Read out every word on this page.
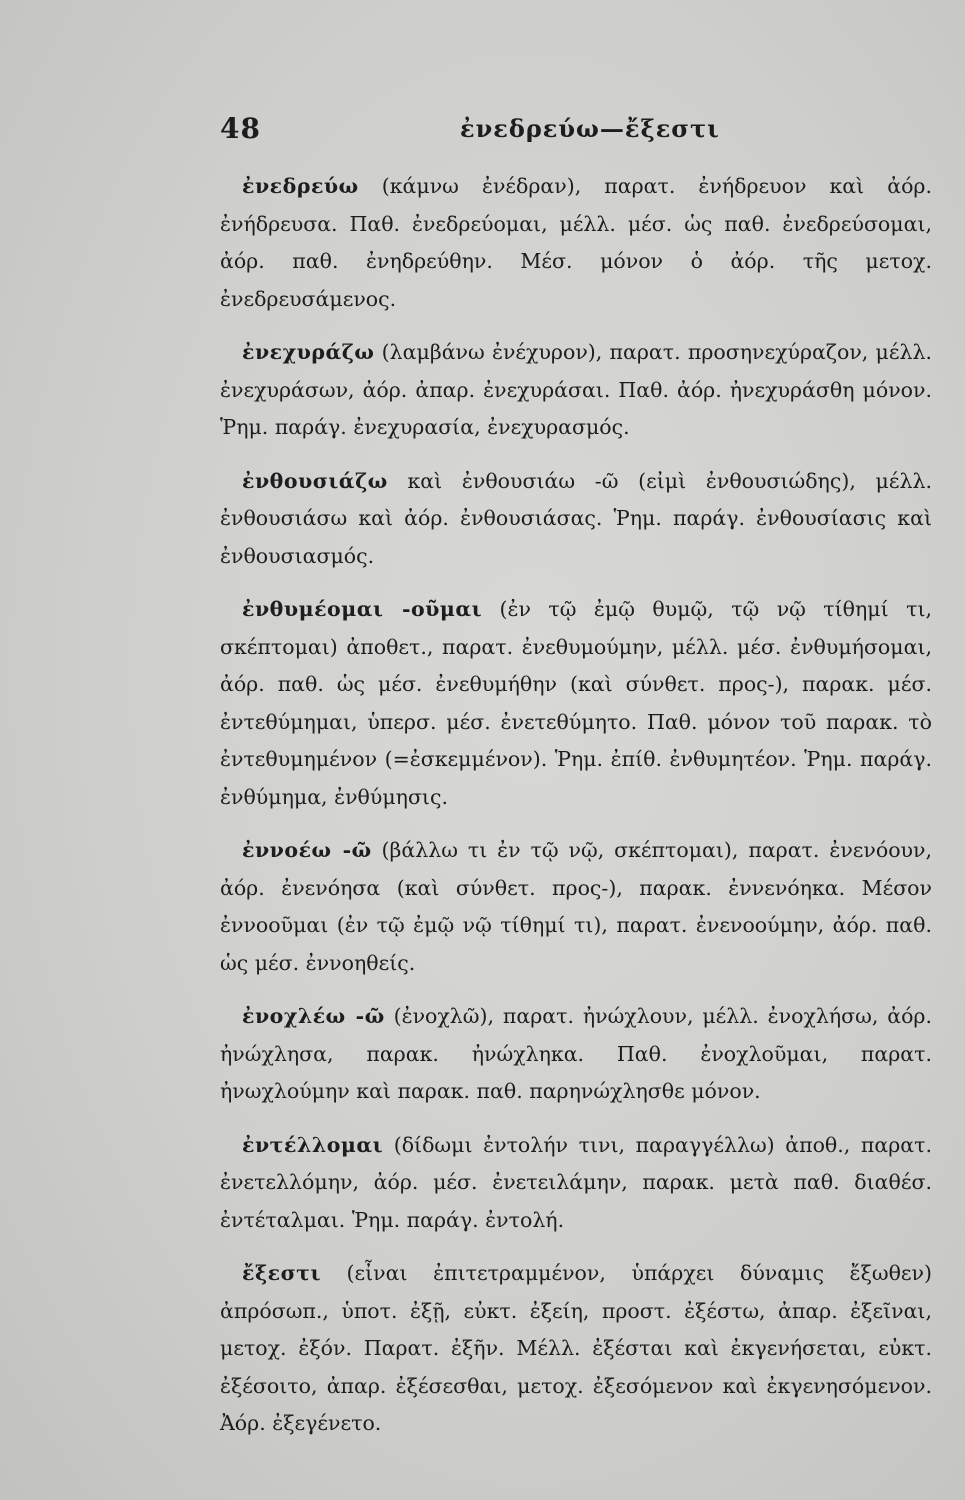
48	ἐνεδρεύω—ἔξεστι

ἐνεδρεύω (κάμνω ἐνέδραν), παρατ. ἐνήδρευον καὶ ἀόρ. ἐνήδρευσα. Παθ. ἐνεδρεύομαι, μέλλ. μέσ. ὡς παθ. ἐνεδρεύσομαι, ἀόρ. παθ. ἐνηδρεύθην. Μέσ. μόνον ὁ ἀόρ. τῆς μετοχ. ἐνεδρευσάμενος.

ἐνεχυράζω (λαμβάνω ἐνέχυρον), παρατ. προσηνεχύραζον, μέλλ. ἐνεχυράσων, ἀόρ. ἀπαρ. ἐνεχυράσαι. Παθ. ἀόρ. ἠνεχυράσθη μόνον. Ῥημ. παράγ. ἐνεχυρασία, ἐνεχυρασμός.

ἐνθουσιάζω καὶ ἐνθουσιάω -ῶ (εἰμὶ ἐνθουσιώδης), μέλλ. ἐνθουσιάσω καὶ ἀόρ. ἐνθουσιάσας. Ῥημ. παράγ. ἐνθουσίασις καὶ ἐνθουσιασμός.

ἐνθυμέομαι -οῦμαι (ἐν τῷ ἐμῷ θυμῷ, τῷ νῷ τίθημί τι, σκέπτομαι) ἀποθετ., παρατ. ἐνεθυμούμην, μέλλ. μέσ. ἐνθυμήσομαι, ἀόρ. παθ. ὡς μέσ. ἐνεθυμήθην (καὶ σύνθετ. προς-), παρακ. μέσ. ἐντεθύμημαι, ὑπερσ. μέσ. ἐνετεθύμητο. Παθ. μόνον τοῦ παρακ. τὸ ἐντεθυμημένον (=ἐσκεμμένον). Ῥημ. ἐπίθ. ἐνθυμητέον. Ῥημ. παράγ. ἐνθύμημα, ἐνθύμησις.

ἐννοέω -ῶ (βάλλω τι ἐν τῷ νῷ, σκέπτομαι), παρατ. ἐνενόουν, ἀόρ. ἐνενόησα (καὶ σύνθετ. προς-), παρακ. ἐννενόηκα. Μέσον ἐννοοῦμαι (ἐν τῷ ἐμῷ νῷ τίθημί τι), παρατ. ἐνενοούμην, ἀόρ. παθ. ὡς μέσ. ἐννοηθείς.

ἐνοχλέω -ῶ (ἐνοχλῶ), παρατ. ἠνώχλουν, μέλλ. ἐνοχλήσω, ἀόρ. ἠνώχλησα, παρακ. ἠνώχληκα. Παθ. ἐνοχλοῦμαι, παρατ. ἠνωχλούμην καὶ παρακ. παθ. παρηνώχλησθε μόνον.

ἐντέλλομαι (δίδωμι ἐντολήν τινι, παραγγέλλω) ἀποθ., παρατ. ἐνετελλόμην, ἀόρ. μέσ. ἐνετειλάμην, παρακ. μετὰ παθ. διαθέσ. ἐντέταλμαι. Ῥημ. παράγ. ἐντολή.

ἔξεστι (εἶναι ἐπιτετραμμένον, ὑπάρχει δύναμις ἔξωθεν) ἀπρόσωπ., ὑποτ. ἐξῇ, εὐκτ. ἐξείη, προστ. ἐξέστω, ἀπαρ. ἐξεῖναι, μετοχ. ἐξόν. Παρατ. ἐξῆν. Μέλλ. ἐξέσται καὶ ἐκγενήσεται, εὐκτ. ἐξέσοιτο, ἀπαρ. ἐξέσεσθαι, μετοχ. ἐξεσόμενον καὶ ἐκγενησόμενον. Ἀόρ. ἐξεγένετο.
